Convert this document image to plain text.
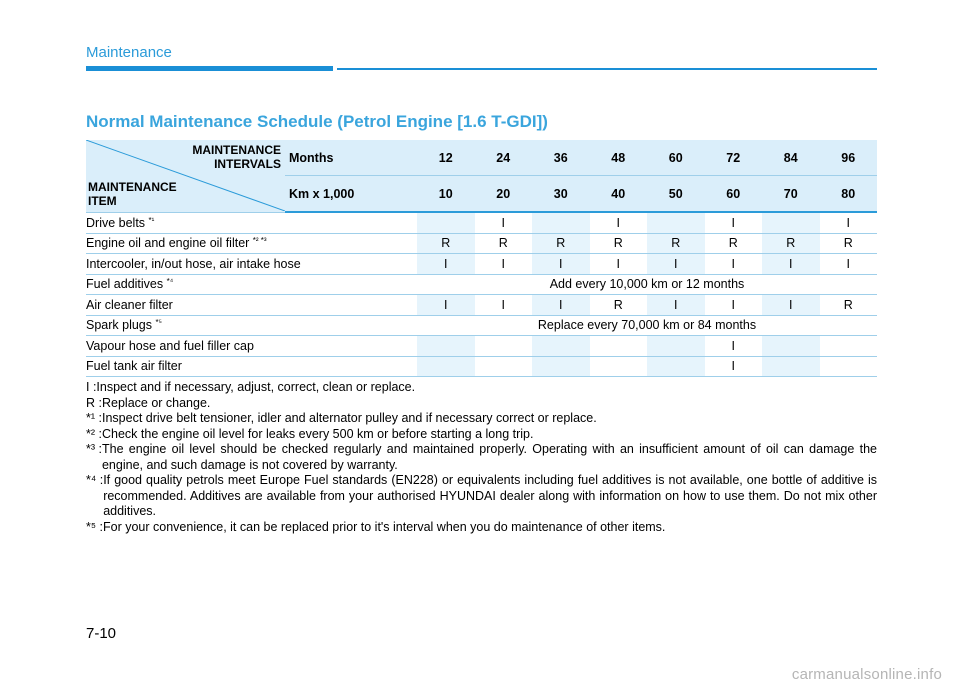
Maintenance
Normal Maintenance Schedule (Petrol Engine [1.6 T-GDI])
MAINTENANCE
INTERVALS
MAINTENANCE
ITEM	Months	12	24	36	48	60	72	84	96
	Km x 1,000	10	20	30	40	50	60	70	80
Drive belts $^{*^1}$			I		I		I		I
Engine oil and engine oil filter $^{*^2 *^3}$		R	R	R	R	R	R	R	R
Intercooler, in/out hose, air intake hose		I	I	I	I	I	I	I	I
Fuel additives $^{*^4}$		Add every 10,000 km or 12 months							
Air cleaner filter		I	I	I	R	I	I	I	R
Spark plugs $^{*^5}$		Replace every 70,000 km or 84 months							
Vapour hose and fuel filler cap							I		
Fuel tank air filter							I		
I : Inspect and if necessary, adjust, correct, clean or replace.
R : Replace or change.
*¹ : Inspect drive belt tensioner, idler and alternator pulley and if necessary correct or replace.
*² : Check the engine oil level for leaks every 500 km or before starting a long trip.
*³ : The engine oil level should be checked regularly and maintained properly. Operating with an insufficient amount of oil can damage the engine, and such damage is not covered by warranty.
*⁴ : If good quality petrols meet Europe Fuel standards (EN228) or equivalents including fuel additives is not available, one bottle of additive is recommended. Additives are available from your authorised HYUNDAI dealer along with information on how to use them. Do not mix other additives.
*⁵ : For your convenience, it can be replaced prior to it's interval when you do maintenance of other items.
7-10
carmanualsonline.info
